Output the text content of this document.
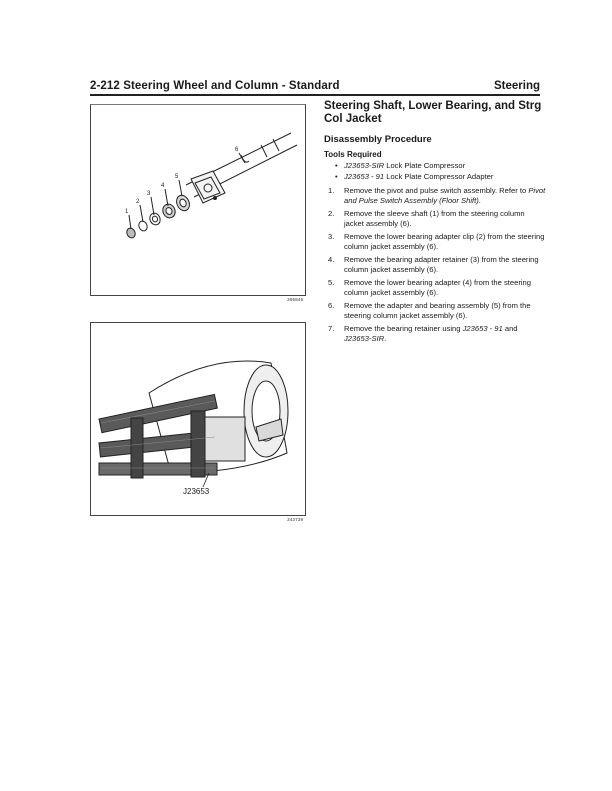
2-212 Steering Wheel and Column - Standard	Steering
1
2
3
4
5
6
356846
J23653
343739
Steering Shaft, Lower Bearing, and Strg Col Jacket
Disassembly Procedure
Tools Required
• J23653-SIR Lock Plate Compressor
• J23653 - 91 Lock Plate Compressor Adapter
1. Remove the pivot and pulse switch assembly. Refer to Pivot and Pulse Switch Assembly (Floor Shift).
2. Remove the sleeve shaft (1) from the steering column jacket assembly (6).
3. Remove the lower bearing adapter clip (2) from the steering column jacket assembly (6).
4. Remove the bearing adapter retainer (3) from the steering column jacket assembly (6).
5. Remove the lower bearing adapter (4) from the steering column jacket assembly (6).
6. Remove the adapter and bearing assembly (5) from the steering column jacket assembly (6).
7. Remove the bearing retainer using J23653 - 91 and J23653-SIR.
